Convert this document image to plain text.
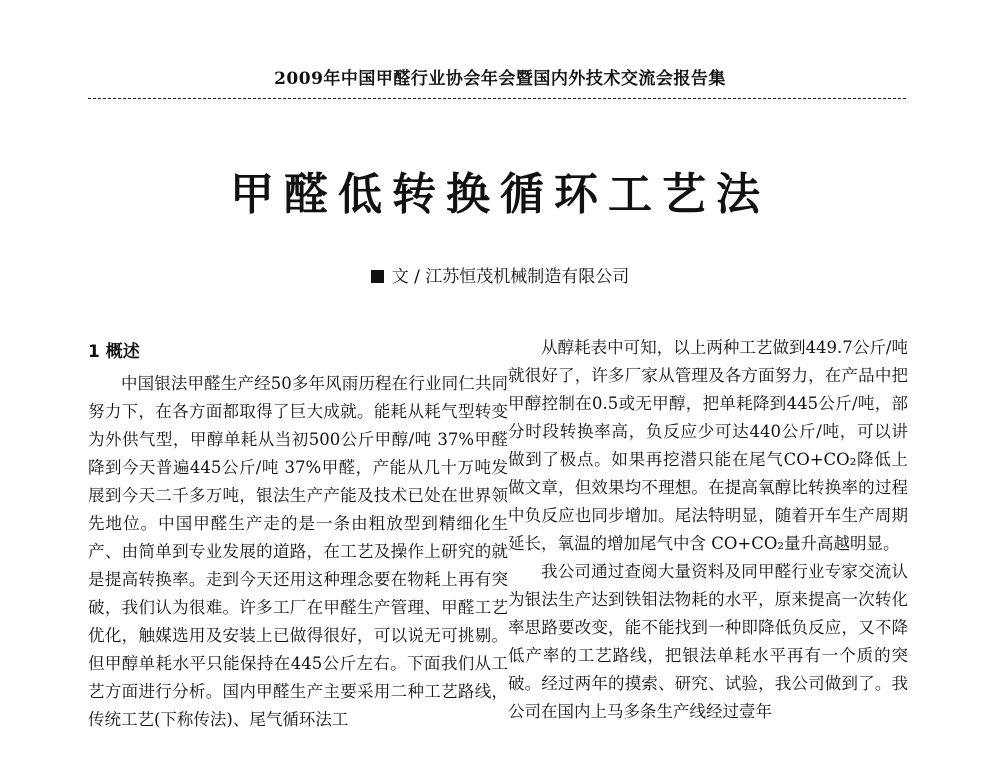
2009年中国甲醛行业协会年会暨国内外技术交流会报告集
甲醛低转换循环工艺法
文 / 江苏恒茂机械制造有限公司
1 概述

中国银法甲醛生产经50多年风雨历程在行业同仁共同努力下，在各方面都取得了巨大成就。能耗从耗气型转变为外供气型，甲醇单耗从当初500公斤甲醇/吨 37%甲醛降到今天普遍445公斤/吨 37%甲醛，产能从几十万吨发展到今天二千多万吨，银法生产产能及技术已处在世界领先地位。中国甲醛生产走的是一条由粗放型到精细化生产、由简单到专业发展的道路，在工艺及操作上研究的就是提高转换率。走到今天还用这种理念要在物耗上再有突破，我们认为很难。许多工厂在甲醛生产管理、甲醛工艺优化，触媒选用及安装上已做得很好，可以说无可挑剔。但甲醇单耗水平只能保持在445公斤左右。下面我们从工艺方面进行分析。国内甲醛生产主要采用二种工艺路线，传统工艺(下称传法)、尾气循环法工

从醇耗表中可知，以上两种工艺做到449.7公斤/吨就很好了，许多厂家从管理及各方面努力，在产品中把甲醇控制在0.5或无甲醇，把单耗降到445公斤/吨，部分时段转换率高，负反应少可达440公斤/吨，可以讲做到了极点。如果再挖潜只能在尾气CO+CO₂降低上做文章，但效果均不理想。在提高氧醇比转换率的过程中负反应也同步增加。尾法特明显，随着开车生产周期延长，氧温的增加尾气中含 CO+CO₂量升高越明显。

我公司通过查阅大量资料及同甲醛行业专家交流认为银法生产达到铁钼法物耗的水平，原来提高一次转化率思路要改变，能不能找到一种即降低负反应，又不降低产率的工艺路线，把银法单耗水平再有一个质的突破。经过两年的摸索、研究、试验，我公司做到了。我公司在国内上马多条生产线经过壹年
